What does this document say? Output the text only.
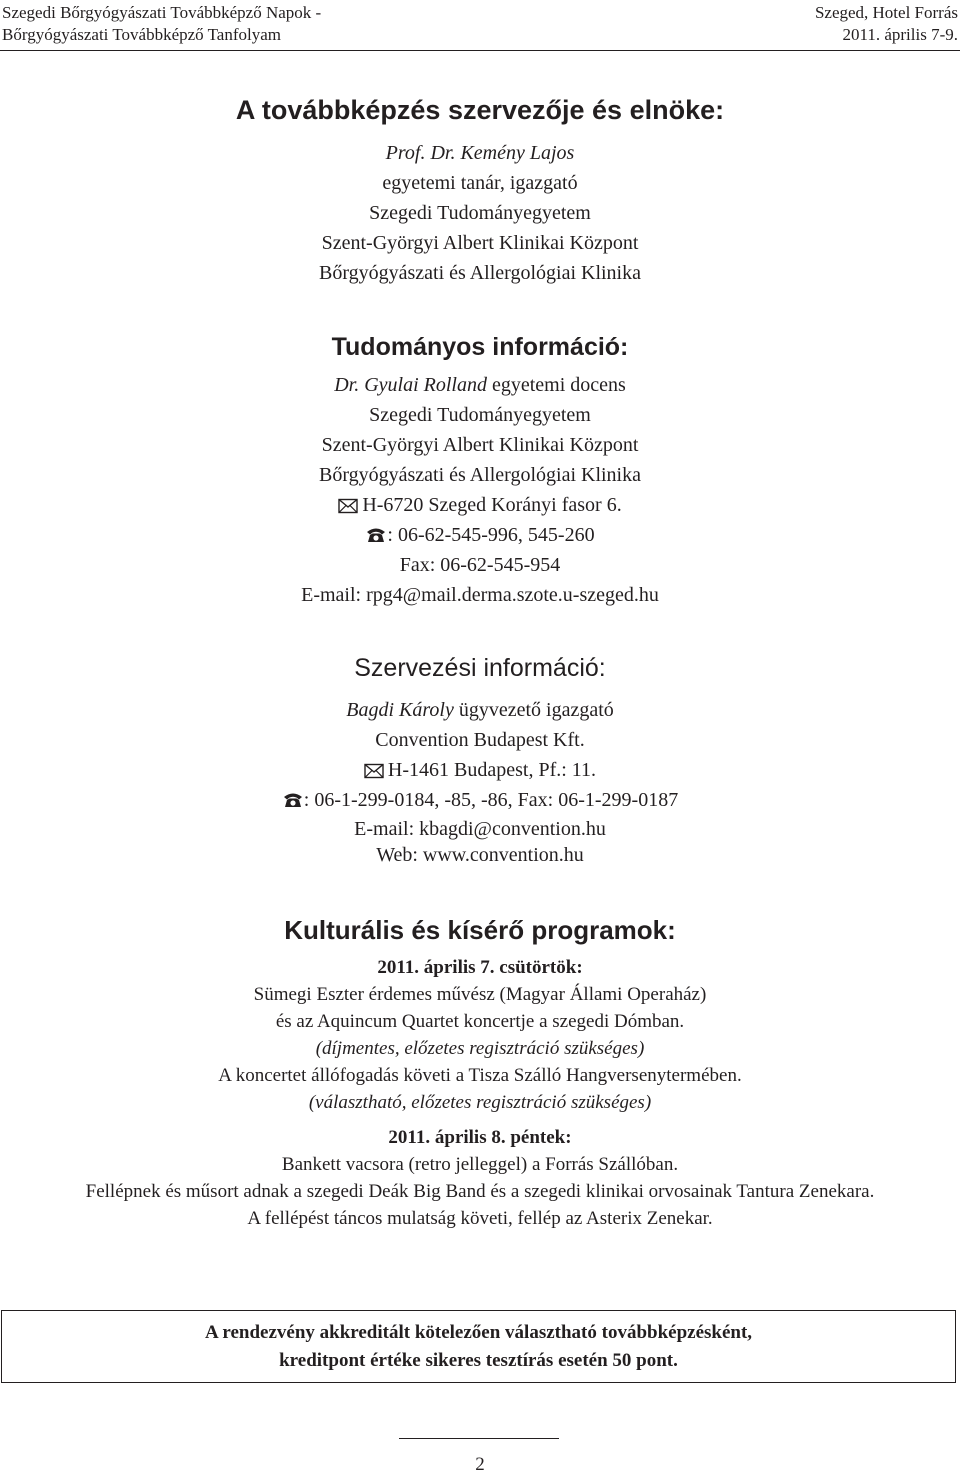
Szegedi Bőrgyógyászati Továbbképző Napok -
Bőrgyógyászati Továbbképző Tanfolyam
Szeged, Hotel Forrás
2011. április 7-9.
A továbbképzés szervezője és elnöke:
Prof. Dr. Kemény Lajos
egyetemi tanár, igazgató
Szegedi Tudományegyetem
Szent-Györgyi Albert Klinikai Központ
Bőrgyógyászati és Allergológiai Klinika
Tudományos információ:
Dr. Gyulai Rolland egyetemi docens
Szegedi Tudományegyetem
Szent-Györgyi Albert Klinikai Központ
Bőrgyógyászati és Allergológiai Klinika
H-6720 Szeged Korányi fasor 6.
: 06-62-545-996, 545-260
Fax: 06-62-545-954
E-mail: rpg4@mail.derma.szote.u-szeged.hu
Szervezési információ:
Bagdi Károly ügyvezető igazgató
Convention Budapest Kft.
H-1461 Budapest, Pf.: 11.
: 06-1-299-0184, -85, -86, Fax: 06-1-299-0187
E-mail: kbagdi@convention.hu
Web: www.convention.hu
Kulturális és kísérő programok:
2011. április 7. csütörtök:
Sümegi Eszter érdemes művész (Magyar Állami Operaház)
és az Aquincum Quartet koncertje a szegedi Dómban.
(díjmentes, előzetes regisztráció szükséges)
A koncertet állófogadás követi a Tisza Szálló Hangversenytermében.
(választható, előzetes regisztráció szükséges)
2011. április 8. péntek:
Bankett vacsora (retro jelleggel) a Forrás Szállóban.
Fellépnek és műsort adnak a szegedi Deák Big Band és a szegedi klinikai orvosainak Tantura Zenekara.
A fellépést táncos mulatság követi, fellép az Asterix Zenekar.
A rendezvény akkreditált kötelezően választható továbbképzésként,
kreditpont értéke sikeres tesztírás esetén 50 pont.
2
